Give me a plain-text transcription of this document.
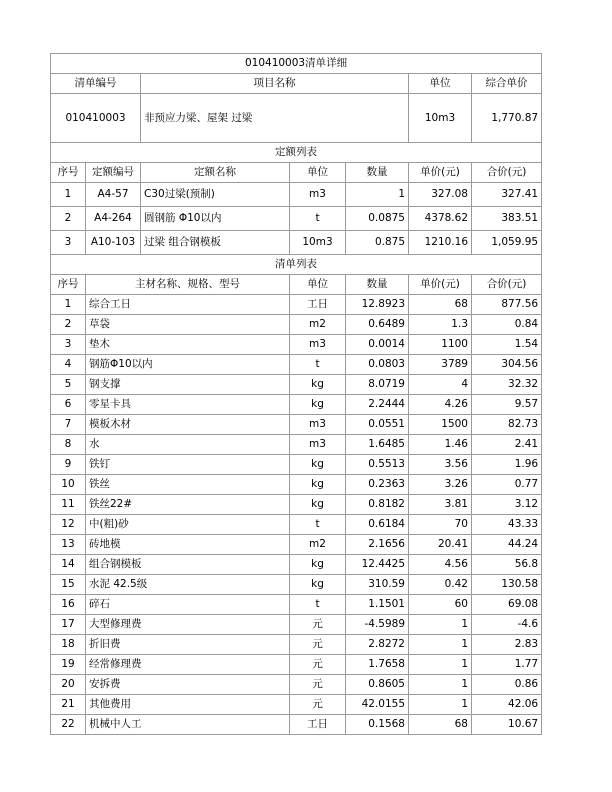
010410003清单详细						
清单编号		项目名称			单位	综合单价
010410003		非预应力梁、屋架 过梁			10m3	1,770.87
定额列表						
序号	定额编号	定额名称	单位	数量	单价(元)	合价(元)
1	A4-57	C30过梁(预制)	m3	1	327.08	327.41
2	A4-264	圆钢筋 Φ10以内	t	0.0875	4378.62	383.51
3	A10-103	过梁 组合钢模板	10m3	0.875	1210.16	1,059.95
清单列表						
序号	主材名称、规格、型号		单位	数量	单价(元)	合价(元)
1	综合工日		工日	12.8923	68	877.56
2	草袋		m2	0.6489	1.3	0.84
3	垫木		m3	0.0014	1100	1.54
4	钢筋Φ10以内		t	0.0803	3789	304.56
5	钢支撑		kg	8.0719	4	32.32
6	零星卡具		kg	2.2444	4.26	9.57
7	模板木材		m3	0.0551	1500	82.73
8	水		m3	1.6485	1.46	2.41
9	铁钉		kg	0.5513	3.56	1.96
10	铁丝		kg	0.2363	3.26	0.77
11	铁丝22#		kg	0.8182	3.81	3.12
12	中(粗)砂		t	0.6184	70	43.33
13	砖地模		m2	2.1656	20.41	44.24
14	组合钢模板		kg	12.4425	4.56	56.8
15	水泥 42.5级		kg	310.59	0.42	130.58
16	碎石		t	1.1501	60	69.08
17	大型修理费		元	-4.5989	1	-4.6
18	折旧费		元	2.8272	1	2.83
19	经常修理费		元	1.7658	1	1.77
20	安拆费		元	0.8605	1	0.86
21	其他费用		元	42.0155	1	42.06
22	机械中人工		工日	0.1568	68	10.67
